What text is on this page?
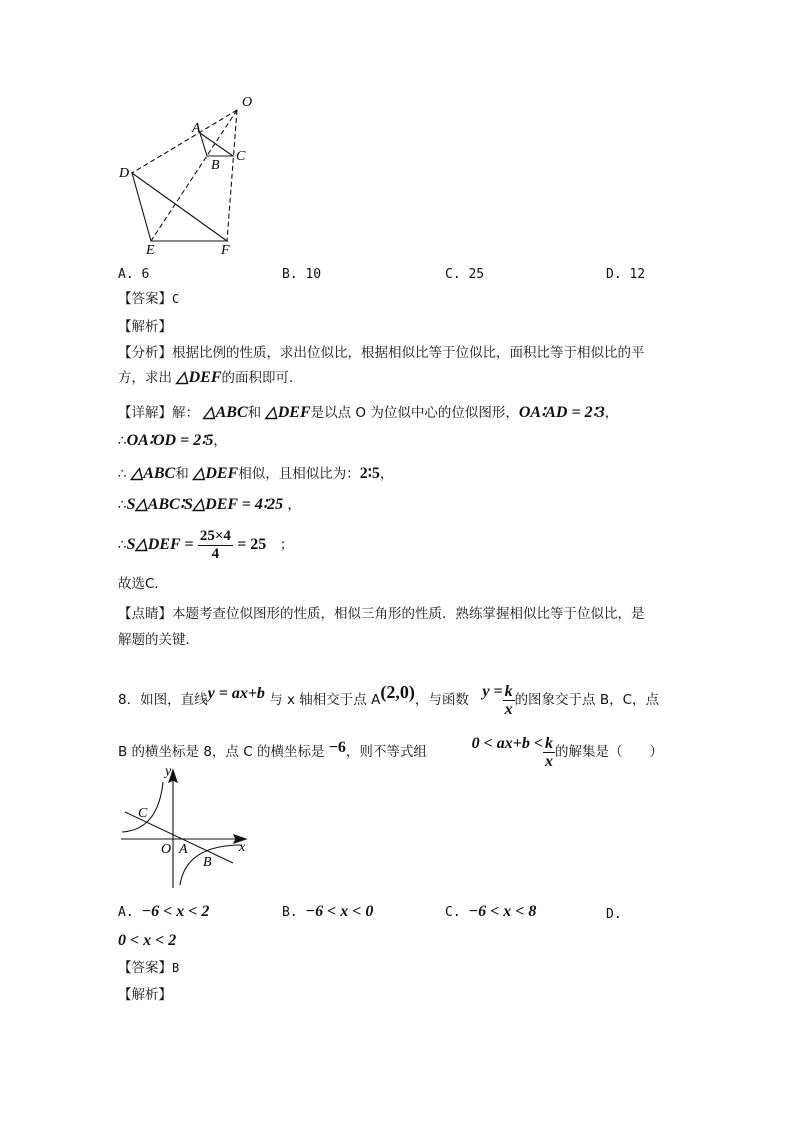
O
A
B
C
D
E	F
y
x
O A
B
C
A. 6	B. 10	C. 25	D. 12
【答案】C
【解析】
【分析】根据比例的性质，求出位似比，根据相似比等于位似比，面积比等于相似比的平
方，求出 △DEF的面积即可．
【详解】解： △ABC和 △DEF是以点 O 为位似中心的位似图形，OA∶AD = 2∶3，
∴OA∶OD = 2∶5，
∴ △ABC和 △DEF相似，且相似比为：2∶5，
∴S△ABC∶S△DEF = 4∶25 ，
∴S△DEF = $\frac{25\times 4}{4} = 25$　 ；
故选C．
【点睛】本题考查位似图形的性质，相似三角形的性质．熟练掌握相似比等于位似比，是
解题的关键．
8．如图，直线y = ax+b 与 x 轴相交于点 A(2,0)，与函数　 $y = \frac{k}{x}$ 的图象交于点 B，C，点
B 的横坐标是 8，点 C 的横坐标是 −6，则不等式组　　　	$0 < ax+b < \frac{k}{x}$ 的解集是（　　）
A. −6 < x < 2	B. −6 < x < 0	C. −6 < x < 8	D.
0 < x < 2
【答案】B
【解析】
